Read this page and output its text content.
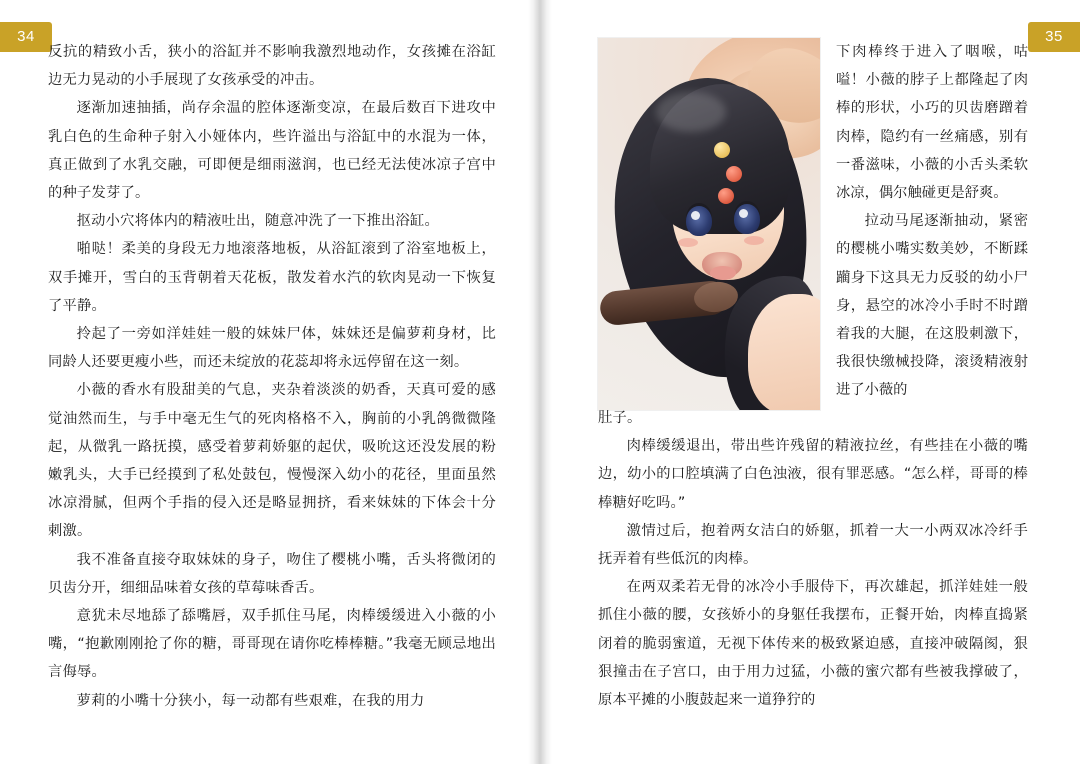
34

反抗的精致小舌，狭小的浴缸并不影响我激烈地动作，女孩摊在浴缸边无力晃动的小手展现了女孩承受的冲击。

逐渐加速抽插，尚存余温的腔体逐渐变凉，在最后数百下进攻中乳白色的生命种子射入小娅体内，些许溢出与浴缸中的水混为一体，真正做到了水乳交融，可即便是细雨滋润，也已经无法使冰凉子宫中的种子发芽了。

抠动小穴将体内的精液吐出，随意冲洗了一下推出浴缸。

啪哒！柔美的身段无力地滚落地板，从浴缸滚到了浴室地板上，双手摊开，雪白的玉背朝着天花板，散发着水汽的软肉晃动一下恢复了平静。

拎起了一旁如洋娃娃一般的妹妹尸体，妹妹还是偏萝莉身材，比同龄人还要更瘦小些，而还未绽放的花蕊却将永远停留在这一刻。

小薇的香水有股甜美的气息，夹杂着淡淡的奶香，天真可爱的感觉油然而生，与手中毫无生气的死肉格格不入，胸前的小乳鸽微微隆起，从微乳一路抚摸，感受着萝莉娇躯的起伏，吸吮这还没发展的粉嫩乳头，大手已经摸到了私处鼓包，慢慢深入幼小的花径，里面虽然冰凉滑腻，但两个手指的侵入还是略显拥挤，看来妹妹的下体会十分刺激。

我不准备直接夺取妹妹的身子，吻住了樱桃小嘴，舌头将微闭的贝齿分开，细细品味着女孩的草莓味香舌。

意犹未尽地舔了舔嘴唇，双手抓住马尾，肉棒缓缓进入小薇的小嘴，“抱歉刚刚抢了你的糖，哥哥现在请你吃棒棒糖。”我毫无顾忌地出言侮辱。

萝莉的小嘴十分狭小，每一动都有些艰难，在我的用力

35

下肉棒终于进入了咽喉，咕嗌！小薇的脖子上都隆起了肉棒的形状，小巧的贝齿磨蹭着肉棒，隐约有一丝痛感，别有一番滋味，小薇的小舌头柔软冰凉，偶尔触碰更是舒爽。

拉动马尾逐渐抽动，紧密的樱桃小嘴实数美妙，不断蹂躏身下这具无力反驳的幼小尸身，悬空的冰冷小手时不时蹭着我的大腿，在这股刺激下，我很快缴械投降，滚烫精液射进了小薇的

肚子。

肉棒缓缓退出，带出些许残留的精液拉丝，有些挂在小薇的嘴边，幼小的口腔填满了白色浊液，很有罪恶感。“怎么样，哥哥的棒棒糖好吃吗。”

激情过后，抱着两女洁白的娇躯，抓着一大一小两双冰冷纤手抚弄着有些低沉的肉棒。

在两双柔若无骨的冰冷小手服侍下，再次雄起，抓洋娃娃一般抓住小薇的腰，女孩娇小的身躯任我摆布，正餐开始，肉棒直捣紧闭着的脆弱蜜道，无视下体传来的极致紧迫感，直接冲破隔阂，狠狠撞击在子宫口，由于用力过猛，小薇的蜜穴都有些被我撑破了，原本平摊的小腹鼓起来一道狰狞的
